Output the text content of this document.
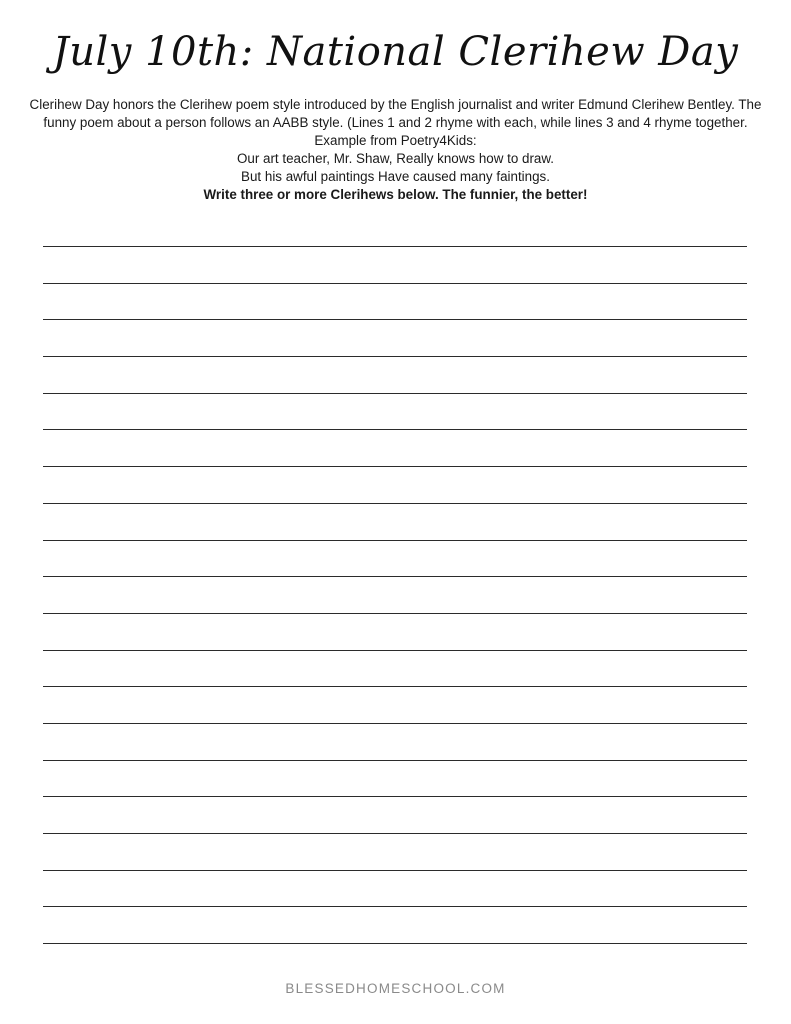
July 10th: National Clerihew Day

Clerihew Day honors the Clerihew poem style introduced by the English journalist and writer Edmund Clerihew Bentley. The funny poem about a person follows an AABB style. (Lines 1 and 2 rhyme with each, while lines 3 and 4 rhyme together.

Example from Poetry4Kids:

Our art teacher, Mr. Shaw, Really knows how to draw.

But his awful paintings Have caused many faintings.

Write three or more Clerihews below. The funnier, the better!

BLESSEDHOMESCHOOL.COM
